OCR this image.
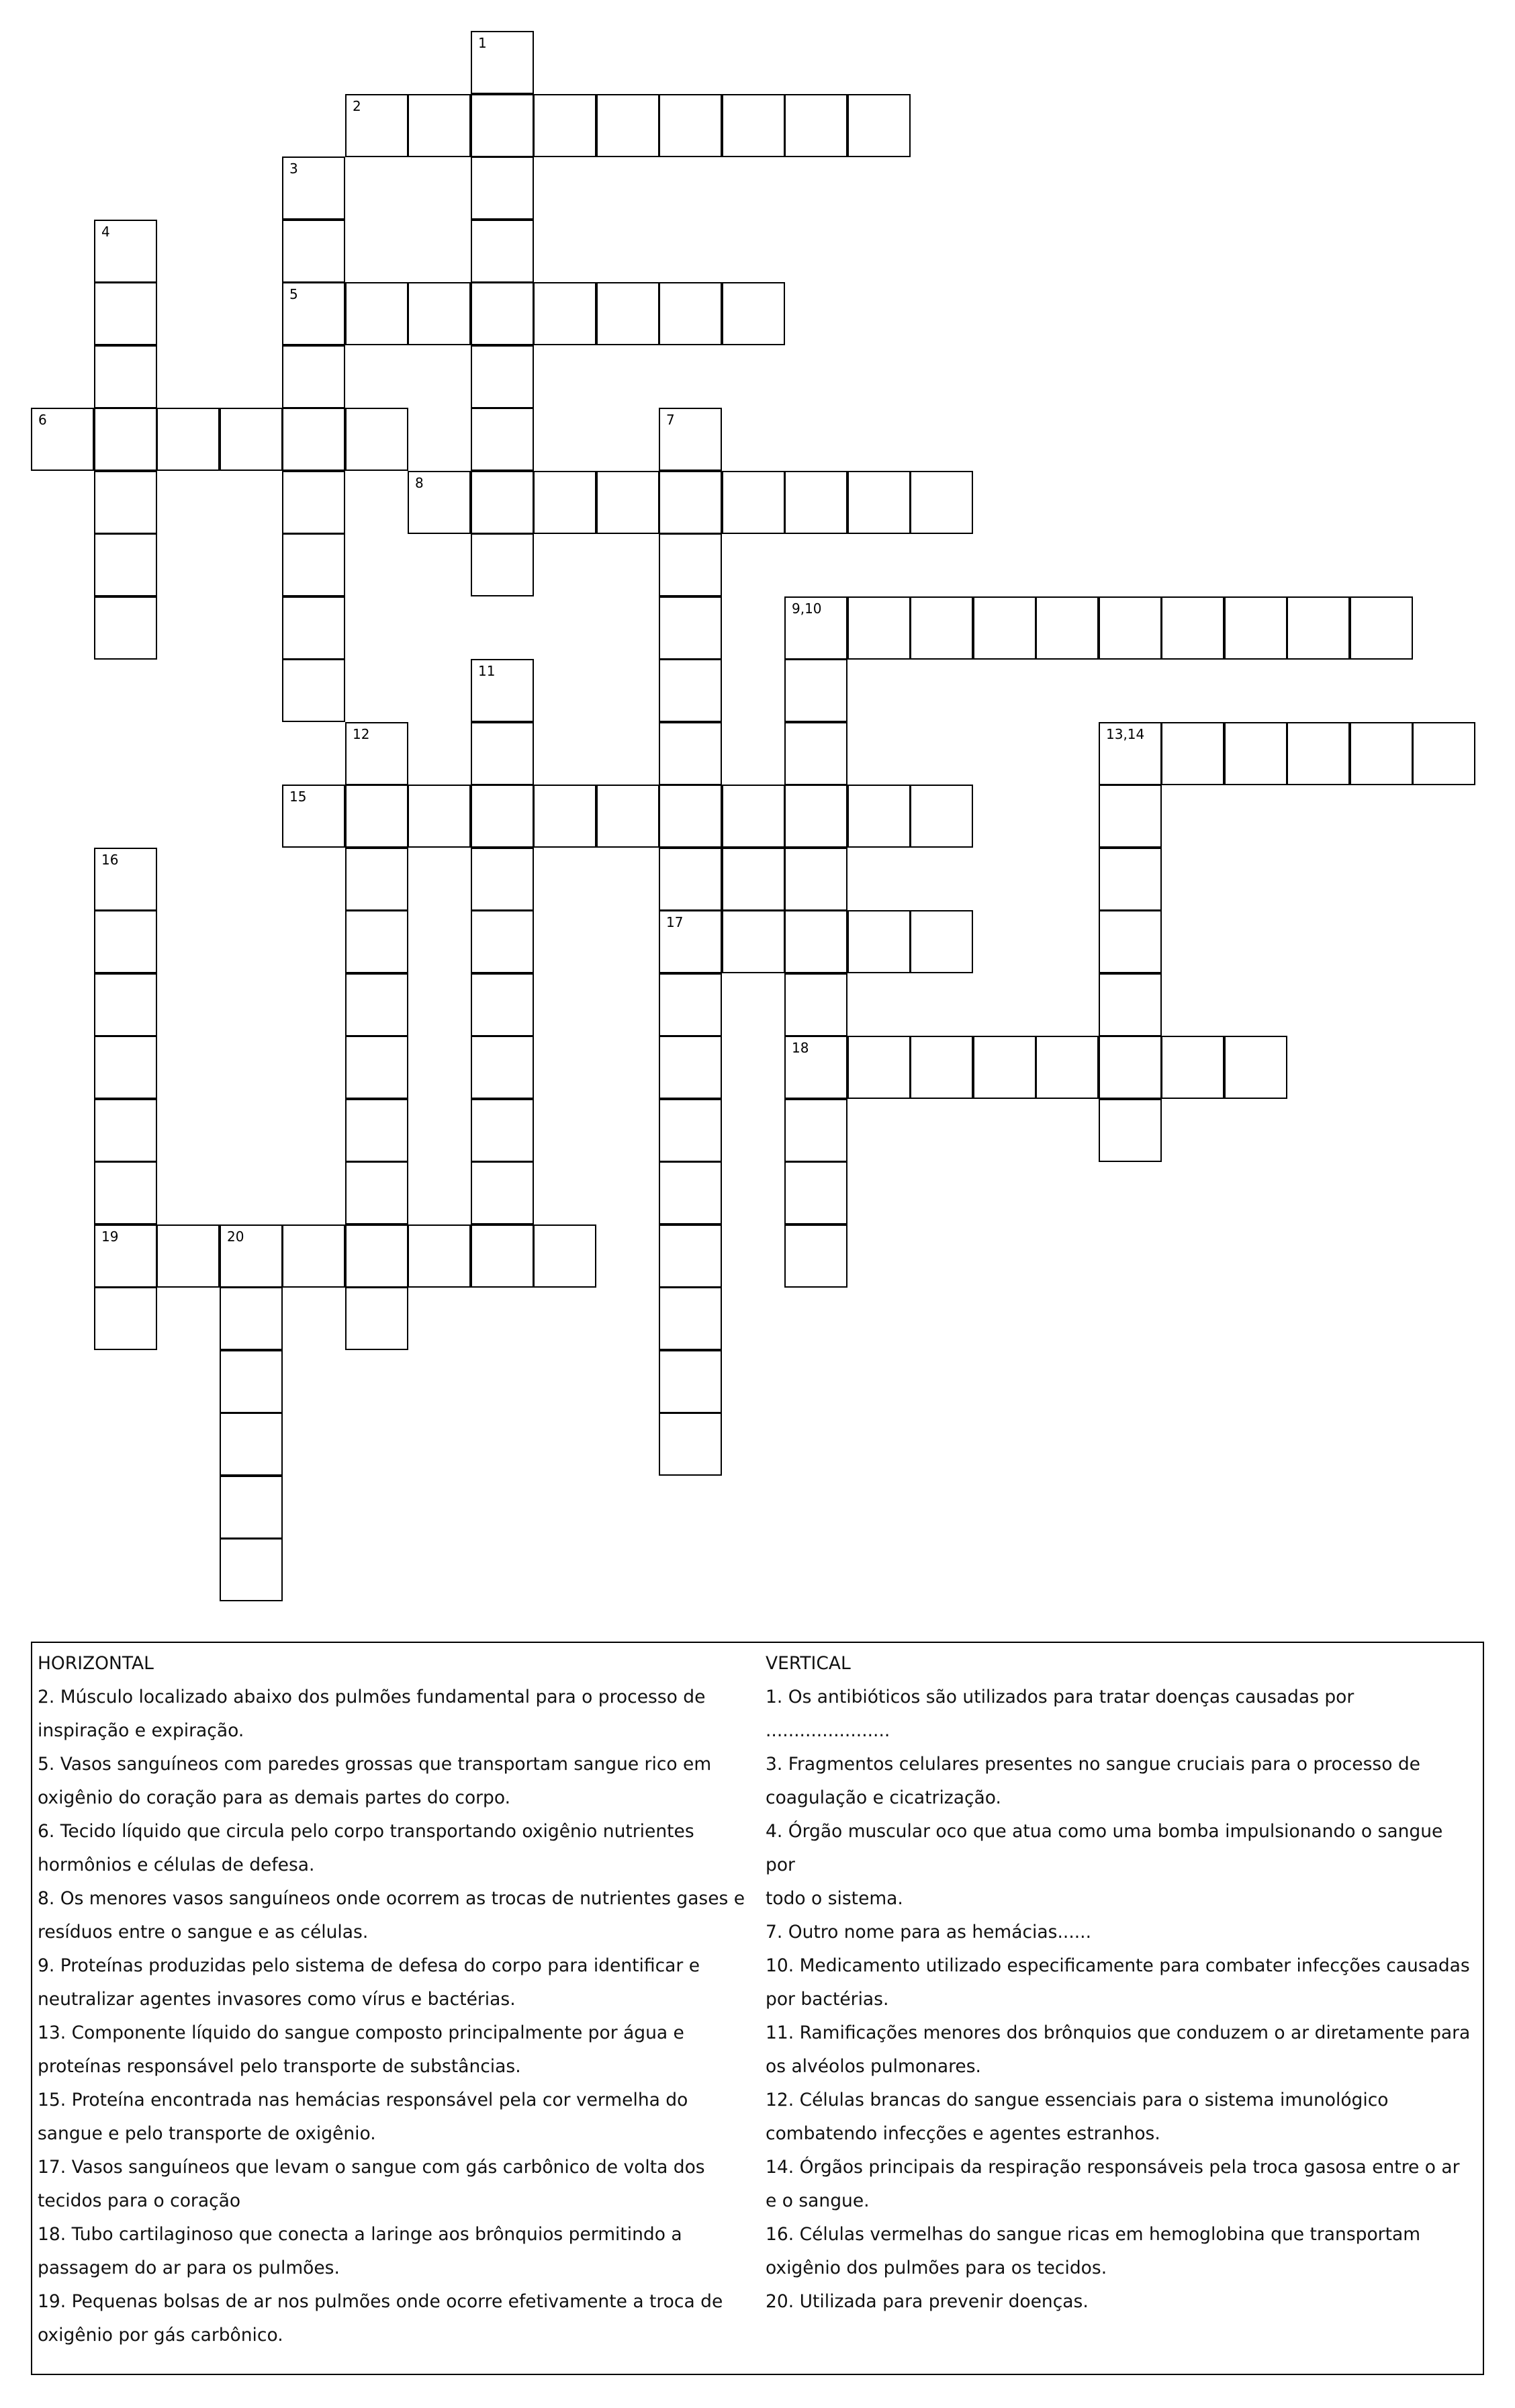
1
2
3
4
5
6	7
8
9,10
11
12	13,14
15
16
17
18
19	20
HORIZONTAL
2. Músculo localizado abaixo dos pulmões fundamental para o processo de
inspiração e expiração.
5. Vasos sanguíneos com paredes grossas que transportam sangue rico em
oxigênio do coração para as demais partes do corpo.
6. Tecido líquido que circula pelo corpo transportando oxigênio nutrientes
hormônios e células de defesa.
8. Os menores vasos sanguíneos onde ocorrem as trocas de nutrientes gases e
resíduos entre o sangue e as células.
9. Proteínas produzidas pelo sistema de defesa do corpo para identificar e
neutralizar agentes invasores como vírus e bactérias.
13. Componente líquido do sangue composto principalmente por água e
proteínas responsável pelo transporte de substâncias.
15. Proteína encontrada nas hemácias responsável pela cor vermelha do
sangue e pelo transporte de oxigênio.
17. Vasos sanguíneos que levam o sangue com gás carbônico de volta dos
tecidos para o coração
18. Tubo cartilaginoso que conecta a laringe aos brônquios permitindo a
passagem do ar para os pulmões.
19. Pequenas bolsas de ar nos pulmões onde ocorre efetivamente a troca de
oxigênio por gás carbônico.
VERTICAL
1. Os antibióticos são utilizados para tratar doenças causadas por
......................
3. Fragmentos celulares presentes no sangue cruciais para o processo de
coagulação e cicatrização.
4. Órgão muscular oco que atua como uma bomba impulsionando o sangue por
todo o sistema.
7. Outro nome para as hemácias......
10. Medicamento utilizado especificamente para combater infecções causadas
por bactérias.
11. Ramificações menores dos brônquios que conduzem o ar diretamente para
os alvéolos pulmonares.
12. Células brancas do sangue essenciais para o sistema imunológico
combatendo infecções e agentes estranhos.
14. Órgãos principais da respiração responsáveis pela troca gasosa entre o ar
e o sangue.
16. Células vermelhas do sangue ricas em hemoglobina que transportam
oxigênio dos pulmões para os tecidos.
20. Utilizada para prevenir doenças.
